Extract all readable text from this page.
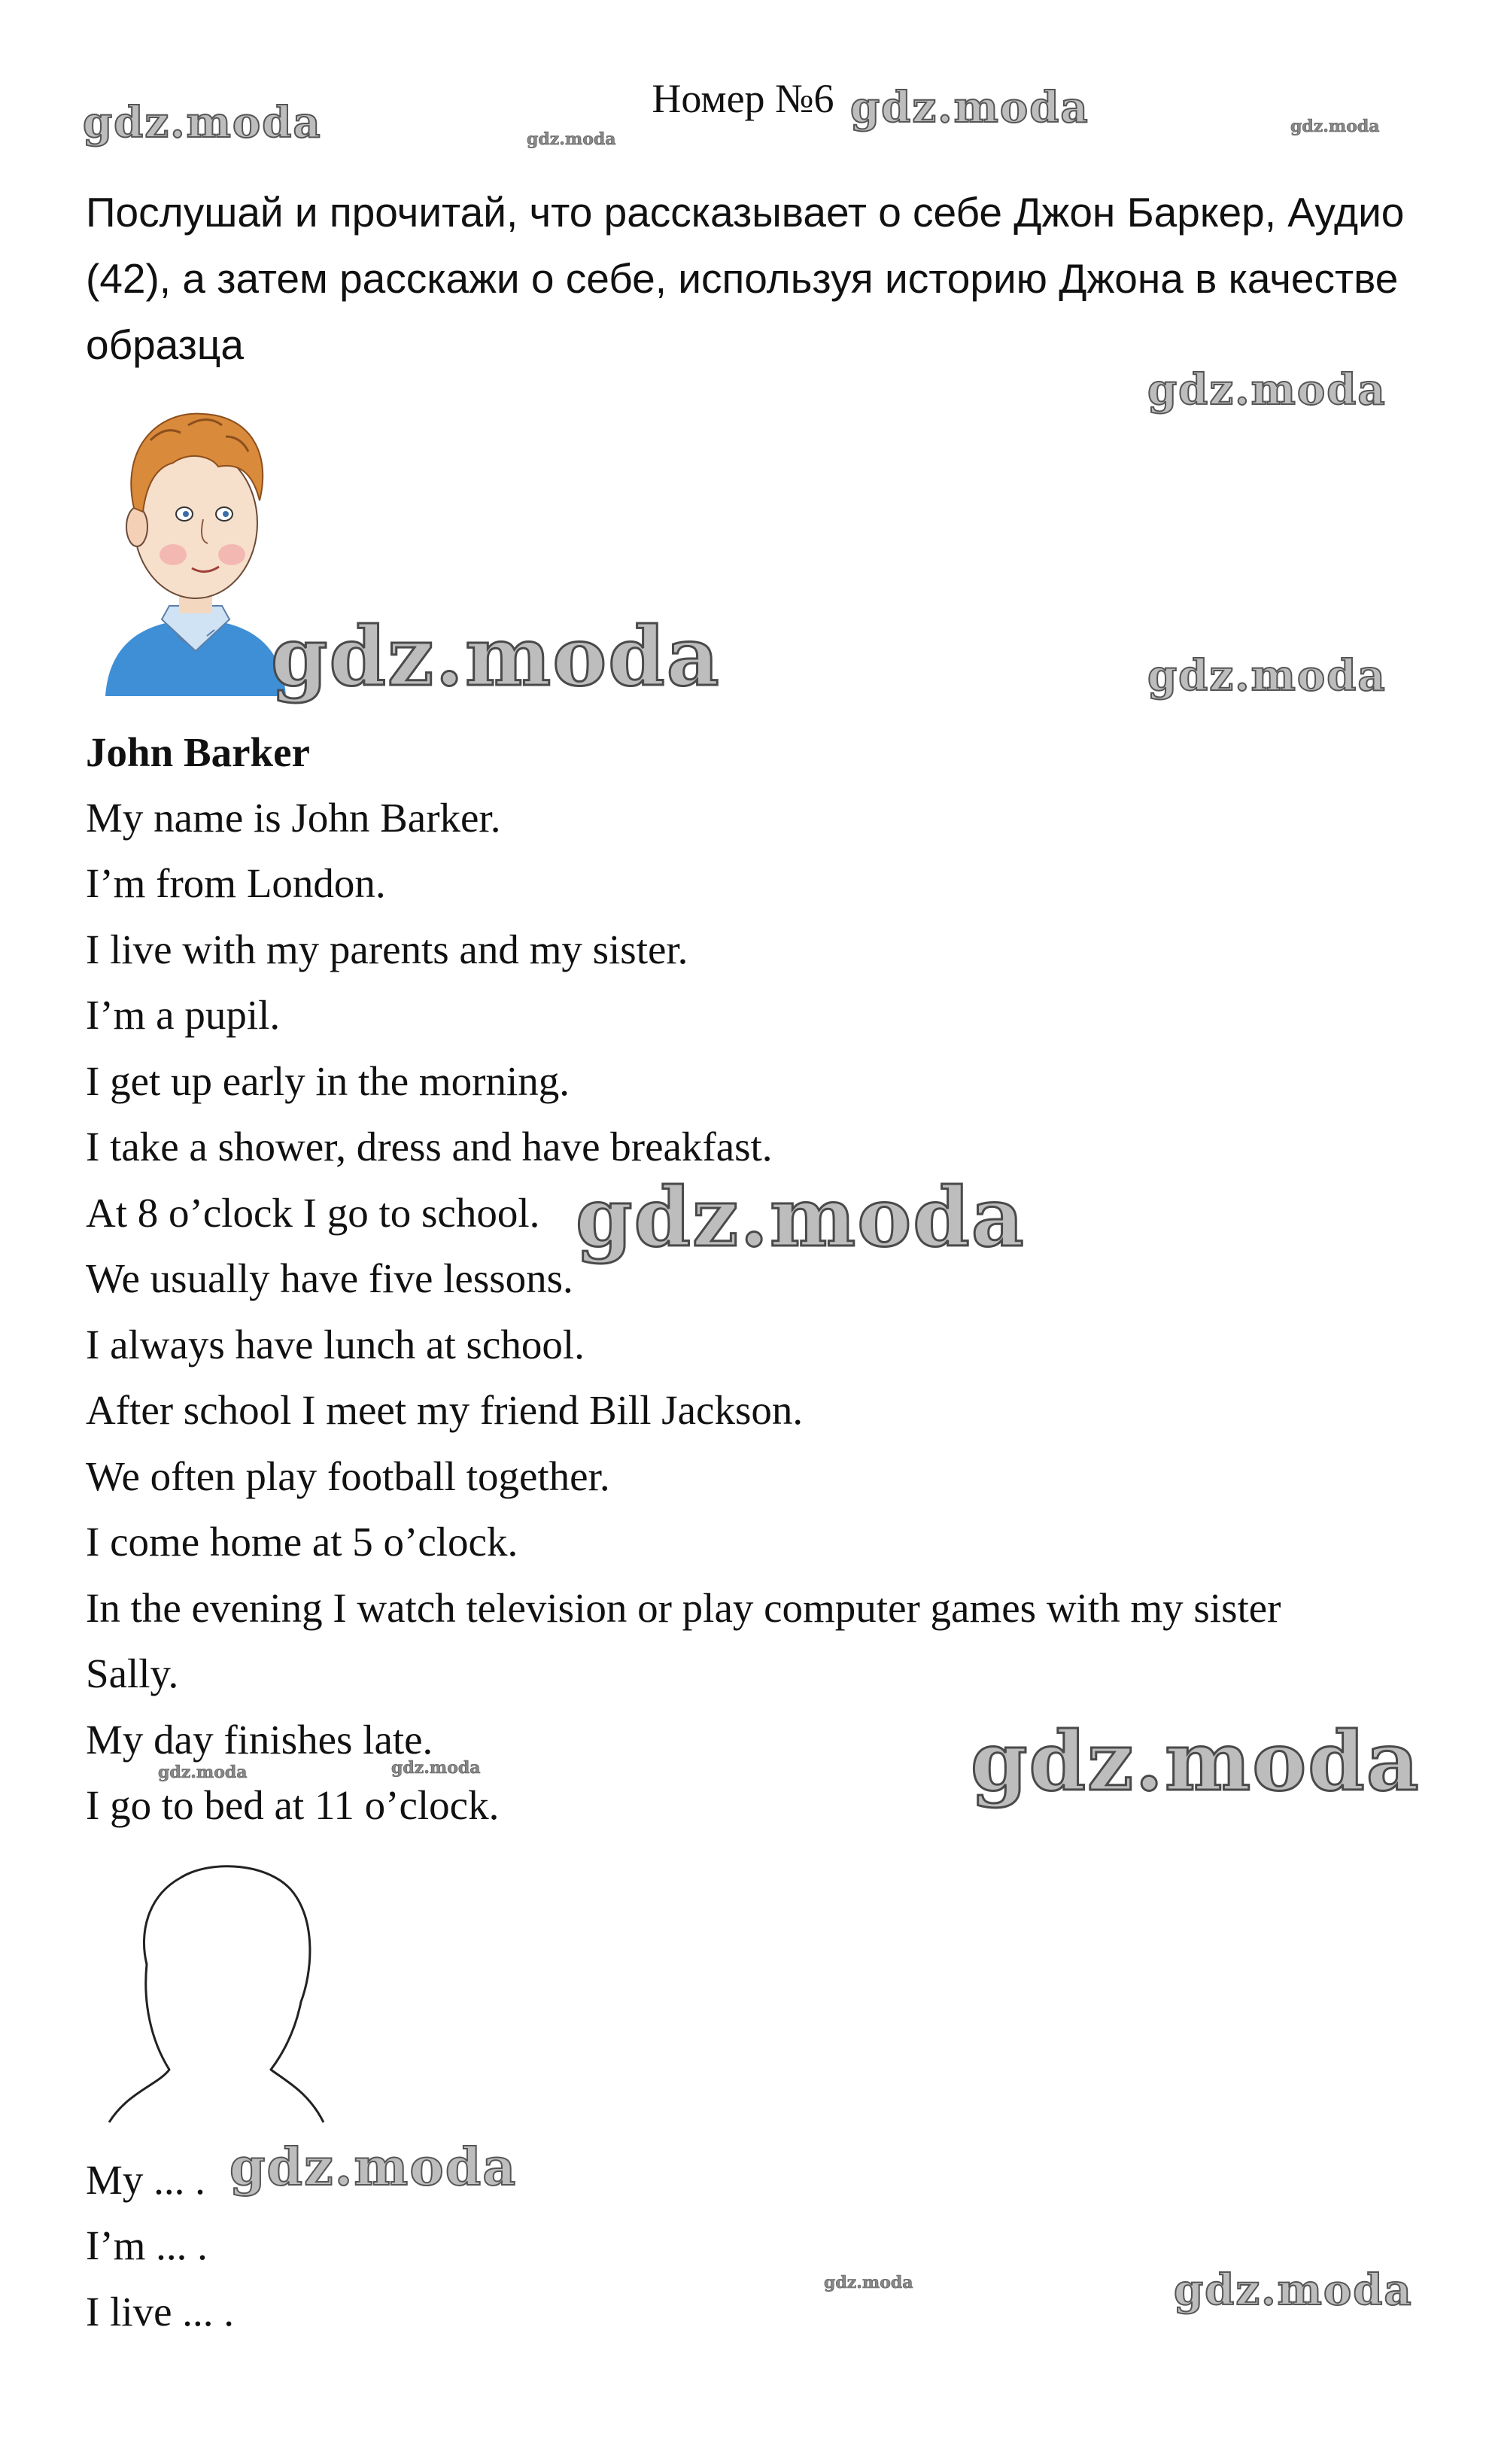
Номер №6
Послушай и прочитай, что рассказывает о себе Джон Баркер, Аудио (42), а затем расскажи о себе, используя историю Джона в качестве образца
John Barker
My name is John Barker.
I’m from London.
I live with my parents and my sister.
I’m a pupil.
I get up early in the morning.
I take a shower, dress and have breakfast.
At 8 o’clock I go to school.
We usually have five lessons.
I always have lunch at school.
After school I meet my friend Bill Jackson.
We often play football together.
I come home at 5 o’clock.
In the evening I watch television or play computer games with my sister
Sally.
My day finishes late.
I go to bed at 11 o’clock.
My ... .
I’m ... .
I live ... .
gdz.moda	gdz.moda
gdz.moda	gdz.moda
gdz.moda
gdz.moda	gdz.moda
gdz.moda
gdz.moda
gdz.moda	gdz.moda
gdz.moda
gdz.moda	gdz.moda
